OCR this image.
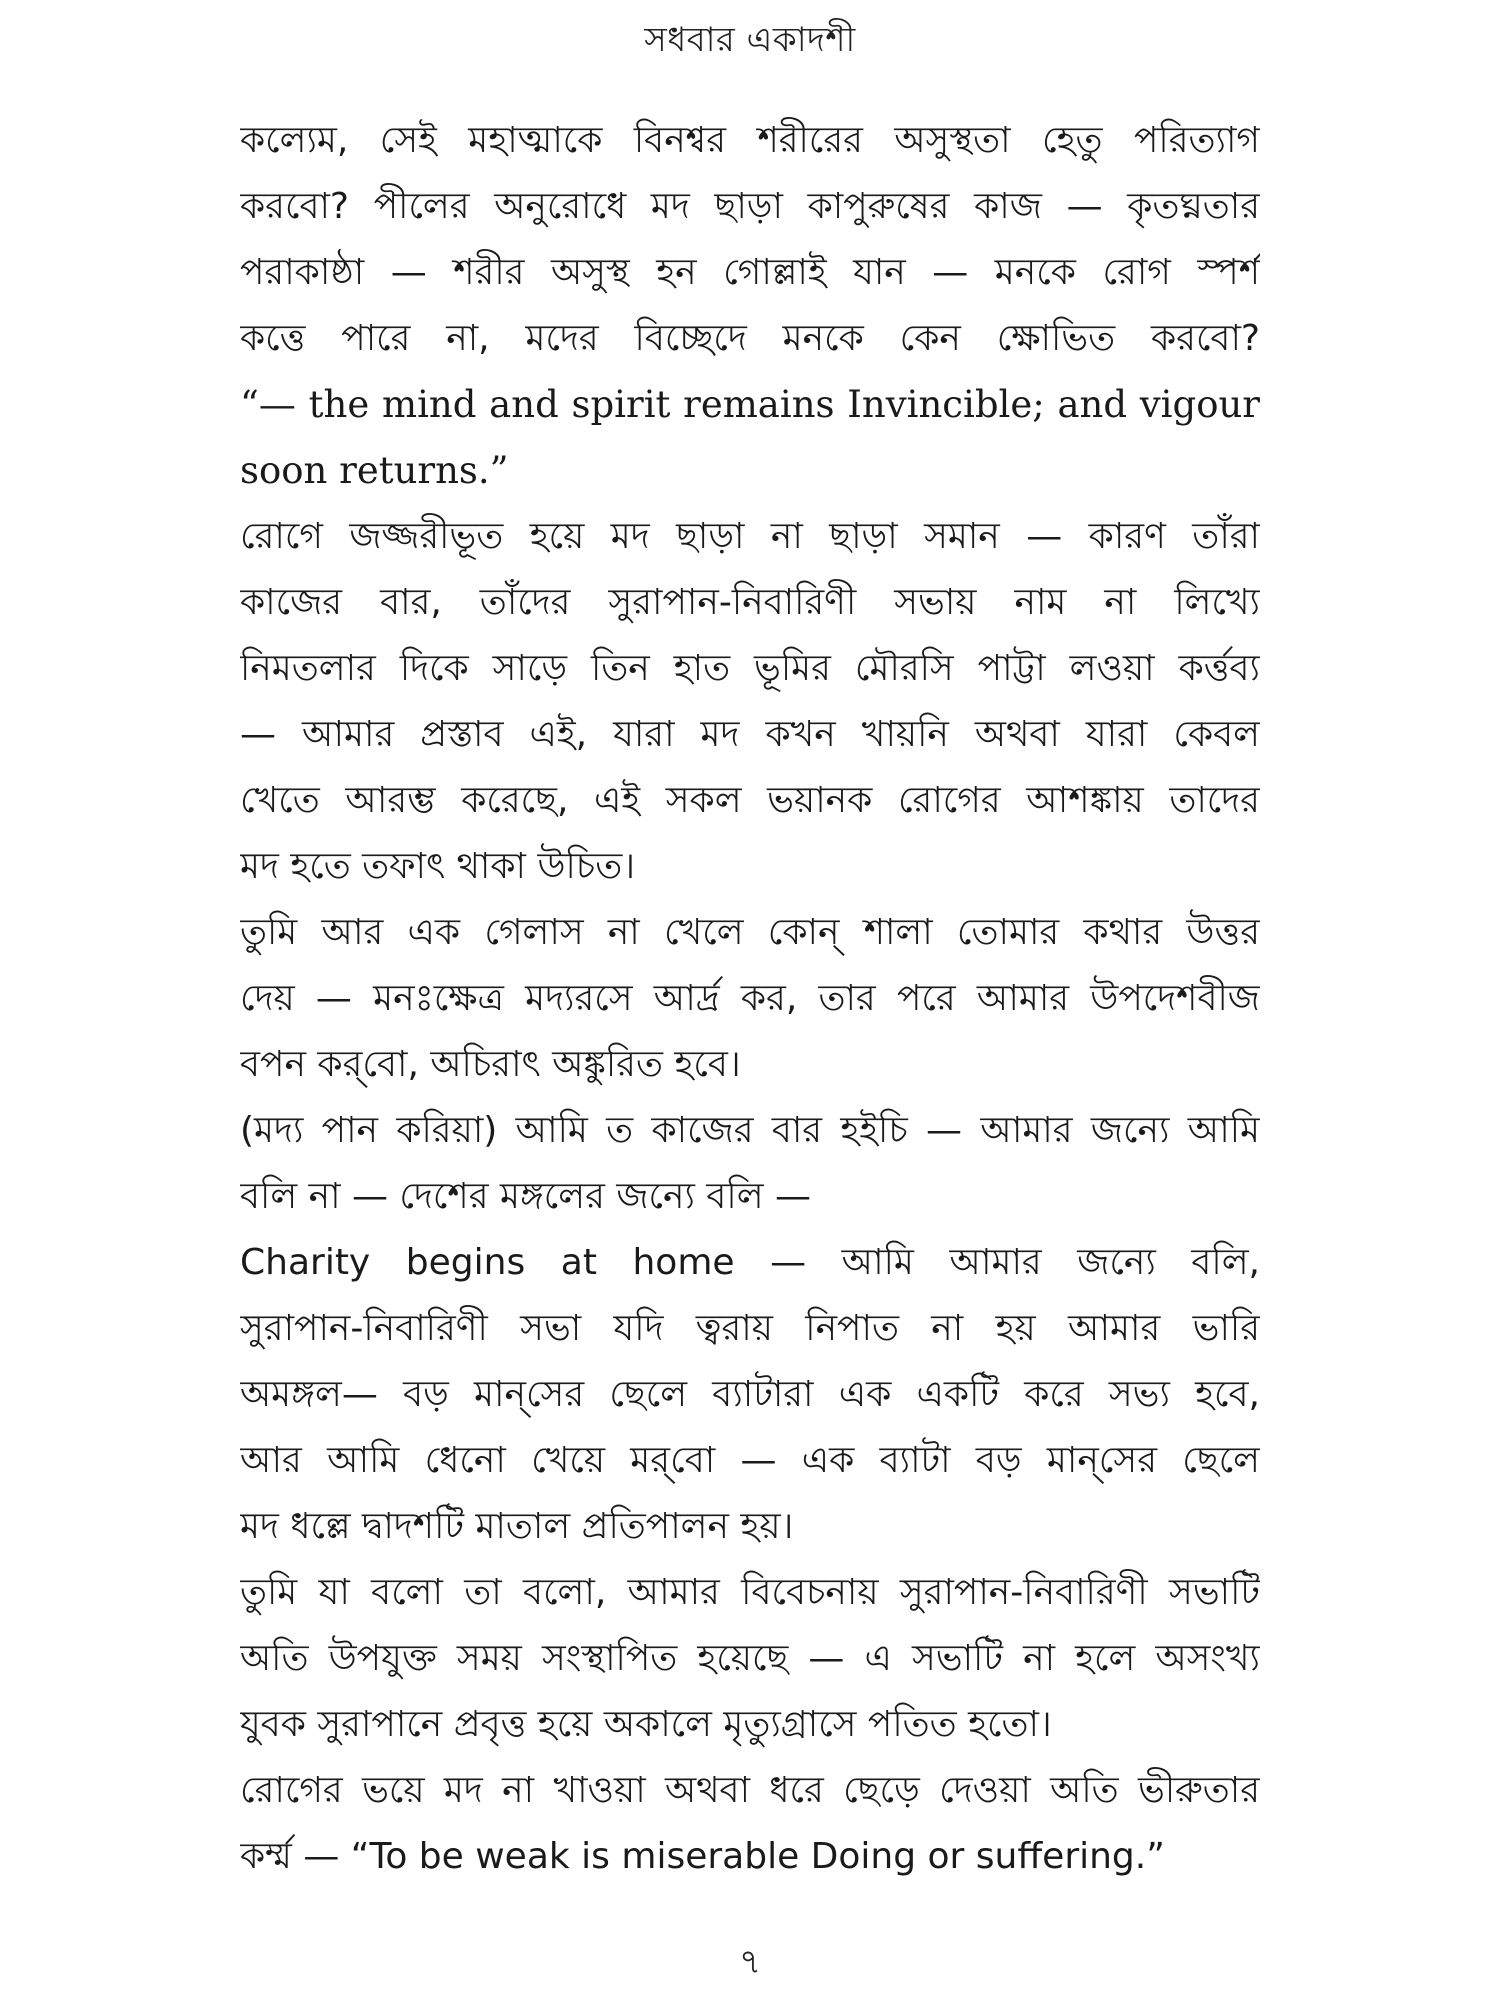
সধবার একাদশী
কল্যেম, সেই মহাত্মাকে বিনশ্বর শরীরের অসুস্থতা হেতু পরিত্যাগ
করবো? পীলের অনুরোধে মদ ছাড়া কাপুরুষের কাজ — কৃতঘ্নতার
পরাকাষ্ঠা — শরীর অসুস্থ হন গোল্লাই যান — মনকে রোগ স্পর্শ
কত্তে পারে না, মদের বিচ্ছেদে মনকে কেন ক্ষোভিত করবো?
“— the mind and spirit remains Invincible; and vigour
soon returns.”
রোগে জজ্জরীভূত হয়ে মদ ছাড়া না ছাড়া সমান — কারণ তাঁরা
কাজের বার, তাঁদের সুরাপান-নিবারিণী সভায় নাম না লিখ্যে
নিমতলার দিকে সাড়ে তিন হাত ভূমির মৌরসি পাট্টা লওয়া কর্ত্তব্য
— আমার প্রস্তাব এই, যারা মদ কখন খায়নি অথবা যারা কেবল
খেতে আরম্ভ করেছে, এই সকল ভয়ানক রোগের আশঙ্কায় তাদের
মদ হতে তফাৎ থাকা উচিত।
তুমি আর এক গেলাস না খেলে কোন্ শালা তোমার কথার উত্তর
দেয় — মনঃক্ষেত্র মদ্যরসে আর্দ্র কর, তার পরে আমার উপদেশবীজ
বপন কর্‌বো, অচিরাৎ অঙ্কুরিত হবে।
(মদ্য পান করিয়া) আমি ত কাজের বার হইচি — আমার জন্যে আমি
বলি না — দেশের মঙ্গলের জন্যে বলি —
Charity begins at home — আমি আমার জন্যে বলি,
সুরাপান-নিবারিণী সভা যদি ত্বরায় নিপাত না হয় আমার ভারি
অমঙ্গল— বড় মান্‌সের ছেলে ব্যাটারা এক একটি করে সভ্য হবে,
আর আমি ধেনো খেয়ে মর্‌বো — এক ব্যাটা বড় মান্‌সের ছেলে
মদ ধল্লে দ্বাদশটি মাতাল প্রতিপালন হয়।
তুমি যা বলো তা বলো, আমার বিবেচনায় সুরাপান-নিবারিণী সভাটি
অতি উপযুক্ত সময় সংস্থাপিত হয়েছে — এ সভাটি না হলে অসংখ্য
যুবক সুরাপানে প্রবৃত্ত হয়ে অকালে মৃত্যুগ্রাসে পতিত হতো।
রোগের ভয়ে মদ না খাওয়া অথবা ধরে ছেড়ে দেওয়া অতি ভীরুতার
কর্ম্ম — “To be weak is miserable Doing or suffering.”
৭
